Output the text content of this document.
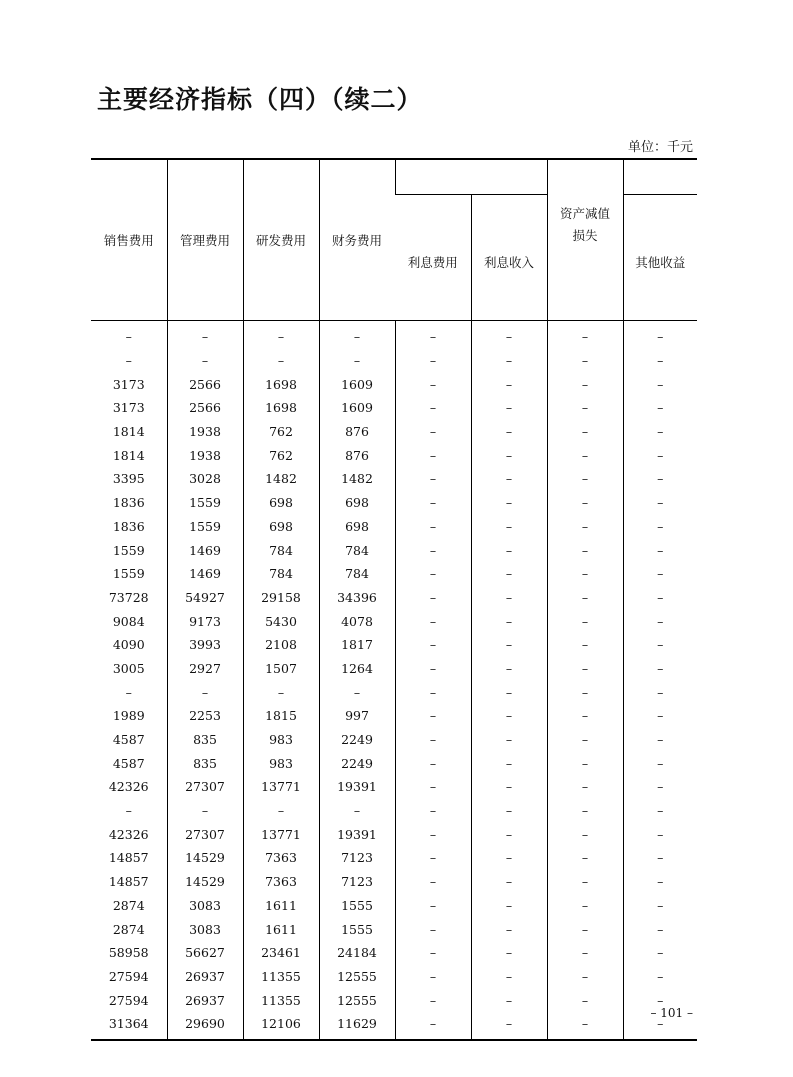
主要经济指标（四）（续二）
单位：千元
销售费用	管理费用	研发费用	财务费用			资产减值
损失	

				利息费用	利息收入		其他收益
–	–	–	–	–	–	–	–
–	–	–	–	–	–	–	–
3173	2566	1698	1609	–	–	–	–
3173	2566	1698	1609	–	–	–	–
1814	1938	762	876	–	–	–	–
1814	1938	762	876	–	–	–	–
3395	3028	1482	1482	–	–	–	–
1836	1559	698	698	–	–	–	–
1836	1559	698	698	–	–	–	–
1559	1469	784	784	–	–	–	–
1559	1469	784	784	–	–	–	–
73728	54927	29158	34396	–	–	–	–
9084	9173	5430	4078	–	–	–	–
4090	3993	2108	1817	–	–	–	–
3005	2927	1507	1264	–	–	–	–
–	–	–	–	–	–	–	–
1989	2253	1815	997	–	–	–	–
4587	835	983	2249	–	–	–	–
4587	835	983	2249	–	–	–	–
42326	27307	13771	19391	–	–	–	–
–	–	–	–	–	–	–	–
42326	27307	13771	19391	–	–	–	–
14857	14529	7363	7123	–	–	–	–
14857	14529	7363	7123	–	–	–	–
2874	3083	1611	1555	–	–	–	–
2874	3083	1611	1555	–	–	–	–
58958	56627	23461	24184	–	–	–	–
27594	26937	11355	12555	–	–	–	–
27594	26937	11355	12555	–	–	–	–
31364	29690	12106	11629	–	–	–	–
– 101 –
